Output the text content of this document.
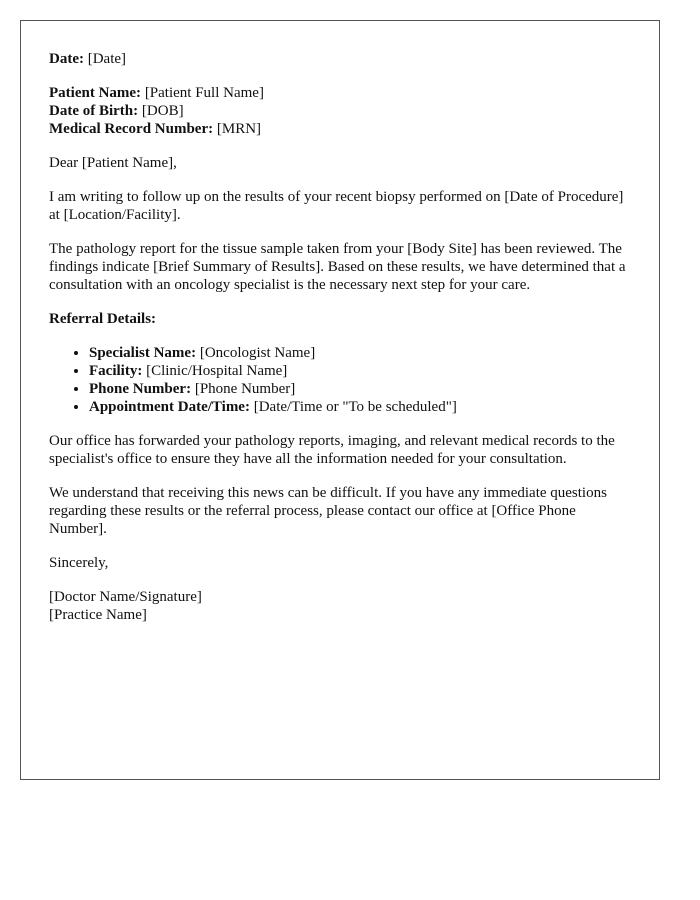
Date: [Date]

Patient Name: [Patient Full Name]

Date of Birth: [DOB]

Medical Record Number: [MRN]

Dear [Patient Name],

I am writing to follow up on the results of your recent biopsy performed on [Date of Procedure] at [Location/Facility].

The pathology report for the tissue sample taken from your [Body Site] has been reviewed. The findings indicate [Brief Summary of Results]. Based on these results, we have determined that a consultation with an oncology specialist is the necessary next step for your care.

Referral Details:

• Specialist Name: [Oncologist Name]
• Facility: [Clinic/Hospital Name]
• Phone Number: [Phone Number]
• Appointment Date/Time: [Date/Time or "To be scheduled"]

Our office has forwarded your pathology reports, imaging, and relevant medical records to the specialist's office to ensure they have all the information needed for your consultation.

We understand that receiving this news can be difficult. If you have any immediate questions regarding these results or the referral process, please contact our office at [Office Phone Number].

Sincerely,

[Doctor Name/Signature]

[Practice Name]
